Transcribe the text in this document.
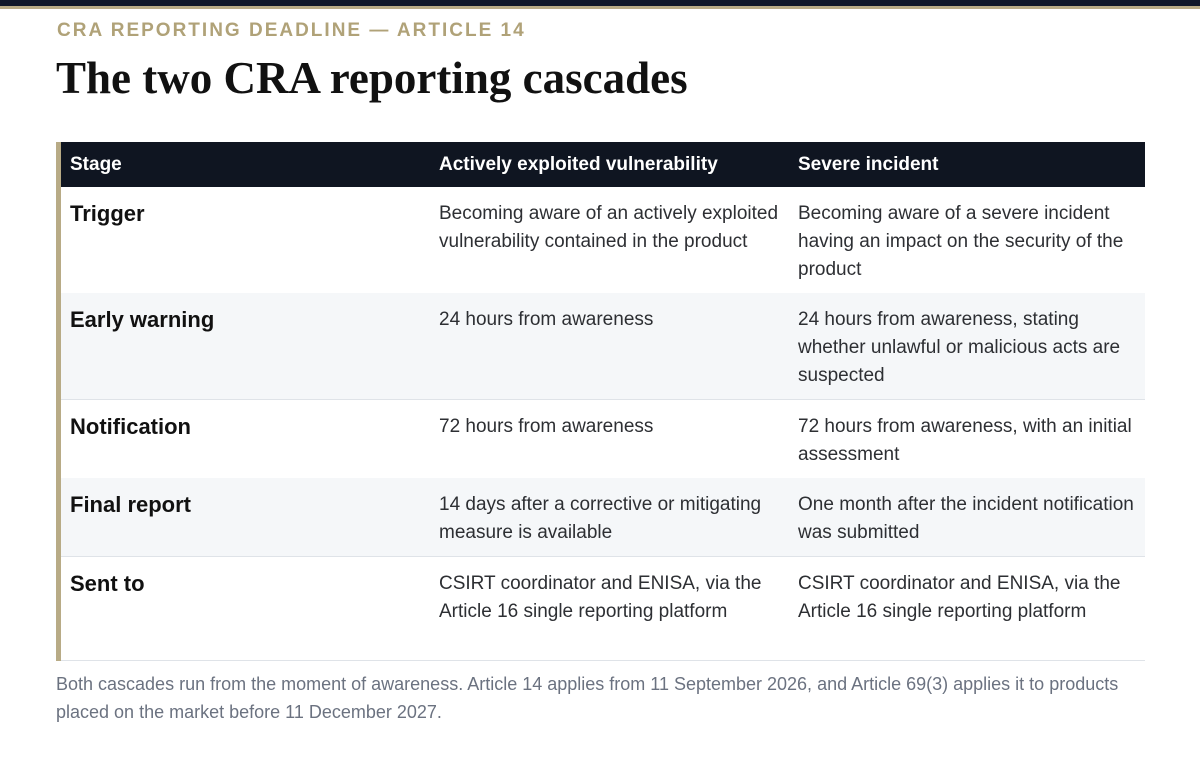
CRA REPORTING DEADLINE — ARTICLE 14
The two CRA reporting cascades
Stage	Actively exploited vulnerability	Severe incident
Trigger	Becoming aware of an actively exploited vulnerability contained in the product	Becoming aware of a severe incident having an impact on the security of the product
Early warning	24 hours from awareness	24 hours from awareness, stating whether unlawful or malicious acts are suspected
Notification	72 hours from awareness	72 hours from awareness, with an initial assessment
Final report	14 days after a corrective or mitigating measure is available	One month after the incident notification was submitted
Sent to	CSIRT coordinator and ENISA, via the Article 16 single reporting platform	CSIRT coordinator and ENISA, via the Article 16 single reporting platform

Both cascades run from the moment of awareness. Article 14 applies from 11 September 2026, and Article 69(3) applies it to products placed on the market before 11 December 2027.
